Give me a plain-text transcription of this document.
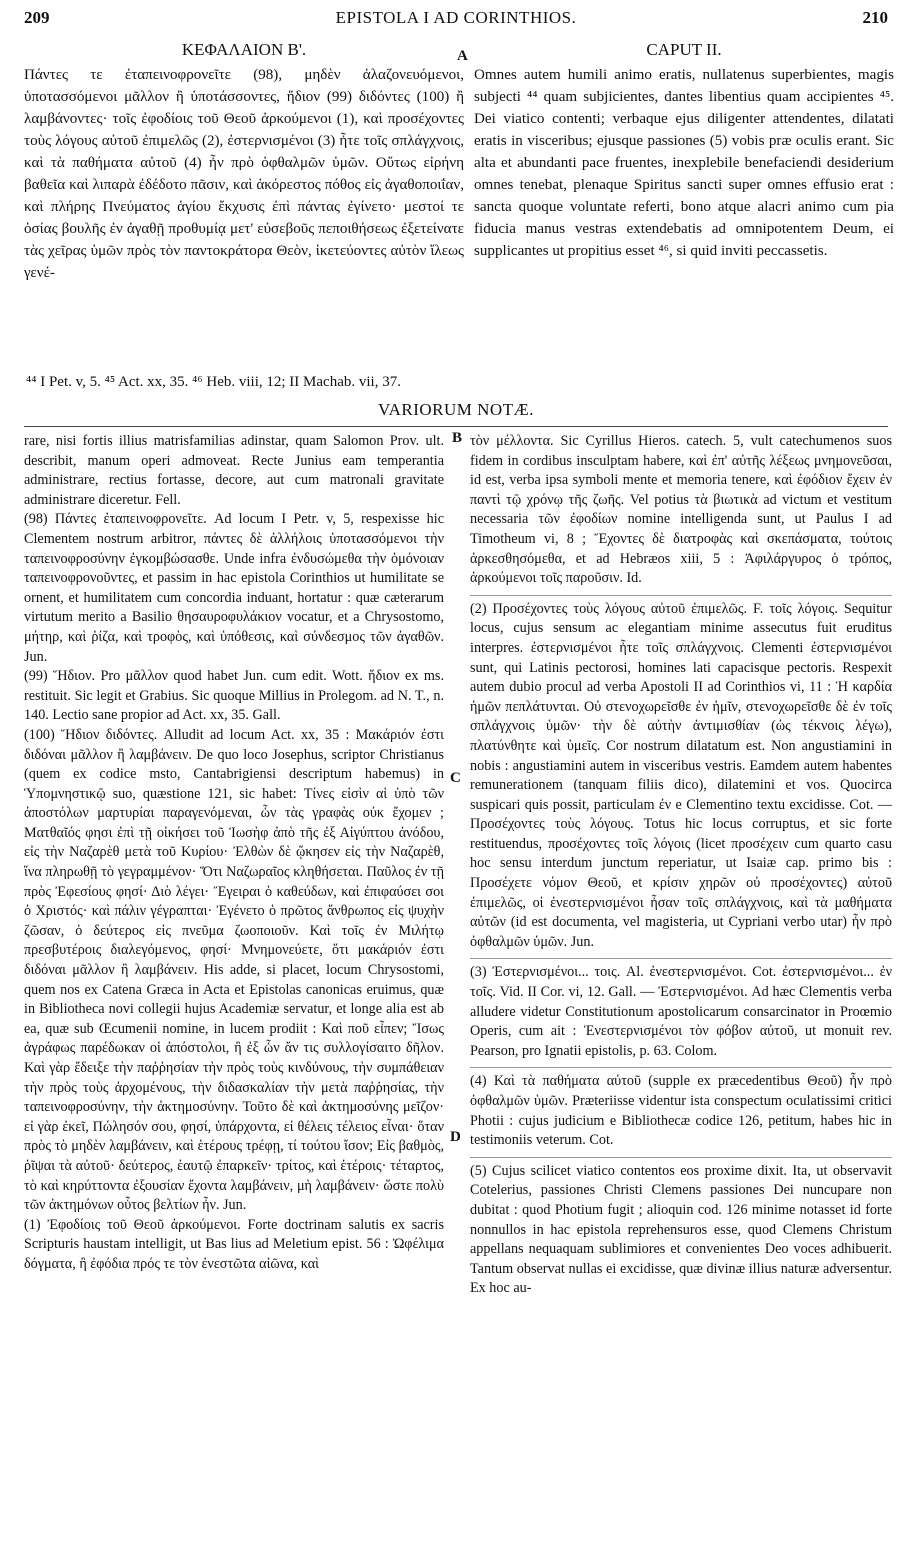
209	EPISTOLA I AD CORINTHIOS.	210
ΚΕΦΑΛΑΙΟΝ Β'.

Πάντες τε ἐταπεινοφρονεῖτε (98), μηδὲν ἀλαζονευόμενοι, ὑποτασσόμενοι μᾶλλον ἢ ὑποτάσσοντες, ἥδιον (99) διδόντες (100) ἢ λαμβάνοντες· τοῖς ἐφοδίοις τοῦ Θεοῦ ἀρκούμενοι (1), καὶ προσέχοντες τοὺς λόγους αὐτοῦ ἐπιμελῶς (2), ἐστερνισμένοι (3) ἦτε τοῖς σπλάγχνοις, καὶ τὰ παθήματα αὐτοῦ (4) ἦν πρὸ ὀφθαλμῶν ὑμῶν. Οὕτως εἰρήνη βαθεῖα καὶ λιπαρὰ ἐδέδοτο πᾶσιν, καὶ ἀκόρεστος πόθος εἰς ἀγαθοποιΐαν, καὶ πλήρης Πνεύματος ἁγίου ἔκχυσις ἐπὶ πάντας ἐγίνετο· μεστοί τε ὁσίας βουλῆς ἐν ἀγαθῇ προθυμίᾳ μετ' εὐσεβοῦς πεποιθήσεως ἐξετείνατε τὰς χεῖρας ὑμῶν πρὸς τὸν παντοκράτορα Θεὸν, ἱκετεύοντες αὐτὸν ἵλεως γενέ-

A	CAPUT II.

Omnes autem humili animo eratis, nullatenus superbientes, magis subjecti ⁴⁴ quam subjicientes, dantes libentius quam accipientes ⁴⁵. Dei viatico contenti; verbaque ejus diligenter attendentes, dilatati eratis in visceribus; ejusque passiones (5) vobis præ oculis erant. Sic alta et abundanti pace fruentes, inexplebile benefaciendi desiderium omnes tenebat, plenaque Spiritus sancti super omnes effusio erat : sancta quoque voluntate referti, bono atque alacri animo cum pia fiducia manus vestras extendebatis ad omnipotentem Deum, ei supplicantes ut propitius esset ⁴⁶, si quid inviti peccassetis.

⁴⁴ I Pet. v, 5. ⁴⁵ Act. xx, 35. ⁴⁶ Heb. viii, 12; II Machab. vii, 37.
VARIORUM NOTÆ.
B
C
D

rare, nisi fortis illius matrisfamilias adinstar, quam Salomon Prov. ult. describit, manum operi admoveat. Recte Junius eam temperantia administrare, rectius fortasse, decore, aut cum matronali gravitate administrare diceretur. Fell.

(98) Πάντες ἐταπεινοφρονεῖτε. Ad locum I Petr. v, 5, respexisse hic Clementem nostrum arbitror, πάντες δὲ ἀλλήλοις ὑποτασσόμενοι τὴν ταπεινοφροσύνην ἐγκομβώσασθε. Unde infra ἐνδυσώμεθα τὴν ὁμόνοιαν ταπεινοφρονοῦντες, et passim in hac epistola Corinthios ut humilitate se ornent, et humilitatem cum concordia induant, hortatur : quæ cæterarum virtutum merito a Basilio θησαυροφυλάκιον vocatur, et a Chrysostomo, μήτηρ, καὶ ῥίζα, καὶ τροφὸς, καὶ ὑπόθεσις, καὶ σύνδεσμος τῶν ἀγαθῶν. Jun.

(99) Ἥδιον. Pro μᾶλλον quod habet Jun. cum edit. Wott. ἥδιον ex ms. restituit. Sic legit et Grabius. Sic quoque Millius in Prolegom. ad N. T., n. 140. Lectio sane propior ad Act. xx, 35. Gall.

(100) Ἥδιον διδόντες. Alludit ad locum Act. xx, 35 : Μακάριόν ἐστι διδόναι μᾶλλον ἢ λαμβάνειν. De quo loco Josephus, scriptor Christianus (quem ex codice msto, Cantabrigiensi descriptum habemus) in Ὑπομνηστικῷ suo, quæstione 121, sic habet: Τίνες εἰσὶν αἱ ὑπὸ τῶν ἀποστόλων μαρτυρίαι παραγενόμεναι, ὧν τὰς γραφὰς οὐκ ἔχομεν ; Ματθαῖός φησι ἐπὶ τῇ οἰκήσει τοῦ Ἰωσὴφ ἀπὸ τῆς ἐξ Αἰγύπτου ἀνόδου, εἰς τὴν Ναζαρὲθ μετὰ τοῦ Κυρίου· Ἐλθὼν δὲ ᾤκησεν εἰς τὴν Ναζαρὲθ, ἵνα πληρωθῇ τὸ γεγραμμένον· Ὅτι Ναζωραῖος κληθήσεται. Παῦλος ἐν τῇ πρὸς Ἐφεσίους φησί· Διὸ λέγει· Ἔγειραι ὁ καθεύδων, καὶ ἐπιφαύσει σοι ὁ Χριστός· καὶ πάλιν γέγραπται· Ἐγένετο ὁ πρῶτος ἄνθρωπος εἰς ψυχὴν ζῶσαν, ὁ δεύτερος εἰς πνεῦμα ζωοποιοῦν. Καὶ τοῖς ἐν Μιλήτῳ πρεσβυτέροις διαλεγόμενος, φησί· Μνημονεύετε, ὅτι μακάριόν ἐστι διδόναι μᾶλλον ἢ λαμβάνειν. His adde, si placet, locum Chrysostomi, quem nos ex Catena Græca in Acta et Epistolas canonicas eruimus, quæ in Bibliotheca novi collegii hujus Academiæ servatur, et longe alia est ab ea, quæ sub Œcumenii nomine, in lucem prodiit : Καὶ ποῦ εἶπεν; Ἴσως ἀγράφως παρέδωκαν οἱ ἀπόστολοι, ἢ ἐξ ὧν ἄν τις συλλογίσαιτο δῆλον. Καὶ γὰρ ἔδειξε τὴν παῤῥησίαν τὴν πρὸς τοὺς κινδύνους, τὴν συμπάθειαν τὴν πρὸς τοὺς ἀρχομένους, τὴν διδασκαλίαν τὴν μετὰ παῤῥησίας, τὴν ταπεινοφροσύνην, τὴν ἀκτημοσύνην. Τοῦτο δὲ καὶ ἀκτημοσύνης μεῖζον· εἰ γὰρ ἐκεῖ, Πώλησόν σου, φησί, ὑπάρχοντα, εἰ θέλεις τέλειος εἶναι· ὅταν πρὸς τὸ μηδὲν λαμβάνειν, καὶ ἑτέρους τρέφῃ, τί τούτου ἴσον; Εἰς βαθμὸς, ῥῖψαι τὰ αὐτοῦ· δεύτερος, ἑαυτῷ ἐπαρκεῖν· τρίτος, καὶ ἑτέροις· τέταρτος, τὸ καὶ κηρύττοντα ἐξουσίαν ἔχοντα λαμβάνειν, μὴ λαμβάνειν· ὥστε πολὺ τῶν ἀκτημόνων οὗτος βελτίων ἦν. Jun.

(1) Ἐφοδίοις τοῦ Θεοῦ ἀρκούμενοι. Forte doctrinam salutis ex sacris Scripturis haustam intelligit, ut Bas lius ad Meletium epist. 56 : Ὠφέλιμα δόγματα, ἢ ἐφόδια πρός τε τὸν ἐνεστῶτα αἰῶνα, καὶ

τὸν μέλλοντα. Sic Cyrillus Hieros. catech. 5, vult catechumenos suos fidem in cordibus insculptam habere, καὶ ἐπ' αὐτῆς λέξεως μνημονεῦσαι, id est, verba ipsa symboli mente et memoria tenere, καὶ ἐφόδιον ἔχειν ἐν παντὶ τῷ χρόνῳ τῆς ζωῆς. Vel potius τὰ βιωτικὰ ad victum et vestitum necessaria τῶν ἐφοδίων nomine intelligenda sunt, ut Paulus I ad Timotheum vi, 8 ; Ἔχοντες δὲ διατροφὰς καὶ σκεπάσματα, τούτοις ἀρκεσθησόμεθα, et ad Hebræos xiii, 5 : Ἀφιλάργυρος ὁ τρόπος, ἀρκούμενοι τοῖς παροῦσιν. Id.

(2) Προσέχοντες τοὺς λόγους αὐτοῦ ἐπιμελῶς. F. τοῖς λόγοις. Sequitur locus, cujus sensum ac elegantiam minime assecutus fuit eruditus interpres. ἐστερνισμένοι ἦτε τοῖς σπλάγχνοις. Clementi ἐστερνισμένοι sunt, qui Latinis pectorosi, homines lati capacisque pectoris. Respexit autem dubio procul ad verba Apostoli II ad Corinthios vi, 11 : Ἡ καρδία ἡμῶν πεπλάτυνται. Οὐ στενοχωρεῖσθε ἐν ἡμῖν, στενοχωρεῖσθε δὲ ἐν τοῖς σπλάγχνοις ὑμῶν· τὴν δὲ αὐτὴν ἀντιμισθίαν (ὡς τέκνοις λέγω), πλατύνθητε καὶ ὑμεῖς. Cor nostrum dilatatum est. Non angustiamini in nobis : angustiamini autem in visceribus vestris. Eamdem autem habentes remunerationem (tanquam filiis dico), dilatemini et vos. Quocirca suspicari quis possit, particulam ἐν e Clementino textu excidisse. Cot. — Προσέχοντες τοὺς λόγους. Totus hic locus corruptus, et sic forte restituendus, προσέχοντες τοῖς λόγοις (licet προσέχειν cum quarto casu hoc sensu interdum junctum reperiatur, ut Isaiæ cap. primo bis : Προσέχετε νόμον Θεοῦ, et κρίσιν χηρῶν οὐ προσέχοντες) αὐτοῦ ἐπιμελῶς, οἱ ἐνεστερνισμένοι ἦσαν τοῖς σπλάγχνοις, καὶ τὰ μαθήματα αὐτῶν (id est documenta, vel magisteria, ut Cypriani verbo utar) ἦν πρὸ ὀφθαλμῶν ὑμῶν. Jun.

(3) Ἐστερνισμένοι... τοις. Al. ἐνεστερνισμένοι. Cot. ἐστερνισμένοι... ἐν τοῖς. Vid. II Cor. vi, 12. Gall. — Ἐστερνισμένοι. Ad hæc Clementis verba alludere videtur Constitutionum apostolicarum consarcinator in Proœmio Operis, cum ait : Ἐνεστερνισμένοι τὸν φόβον αὐτοῦ, ut monuit rev. Pearson, pro Ignatii epistolis, p. 63. Colom.

(4) Καὶ τὰ παθήματα αὐτοῦ (supple ex præcedentibus Θεοῦ) ἦν πρὸ ὀφθαλμῶν ὑμῶν. Præteriisse videntur ista conspectum oculatissimi critici Photii : cujus judicium e Bibliothecæ codice 126, petitum, habes hic in testimoniis veterum. Cot.

(5) Cujus scilicet viatico contentos eos proxime dixit. Ita, ut observavit Cotelerius, passiones Christi Clemens passiones Dei nuncupare non dubitat : quod Photium fugit ; alioquin cod. 126 minime notasset id forte nonnullos in hac epistola reprehensuros esse, quod Clemens Christum appellans nequaquam sublimiores et convenientes Deo voces adhibuerit. Tantum observat nullas ei excidisse, quæ divinæ illius naturæ adversentur. Ex hoc au-
